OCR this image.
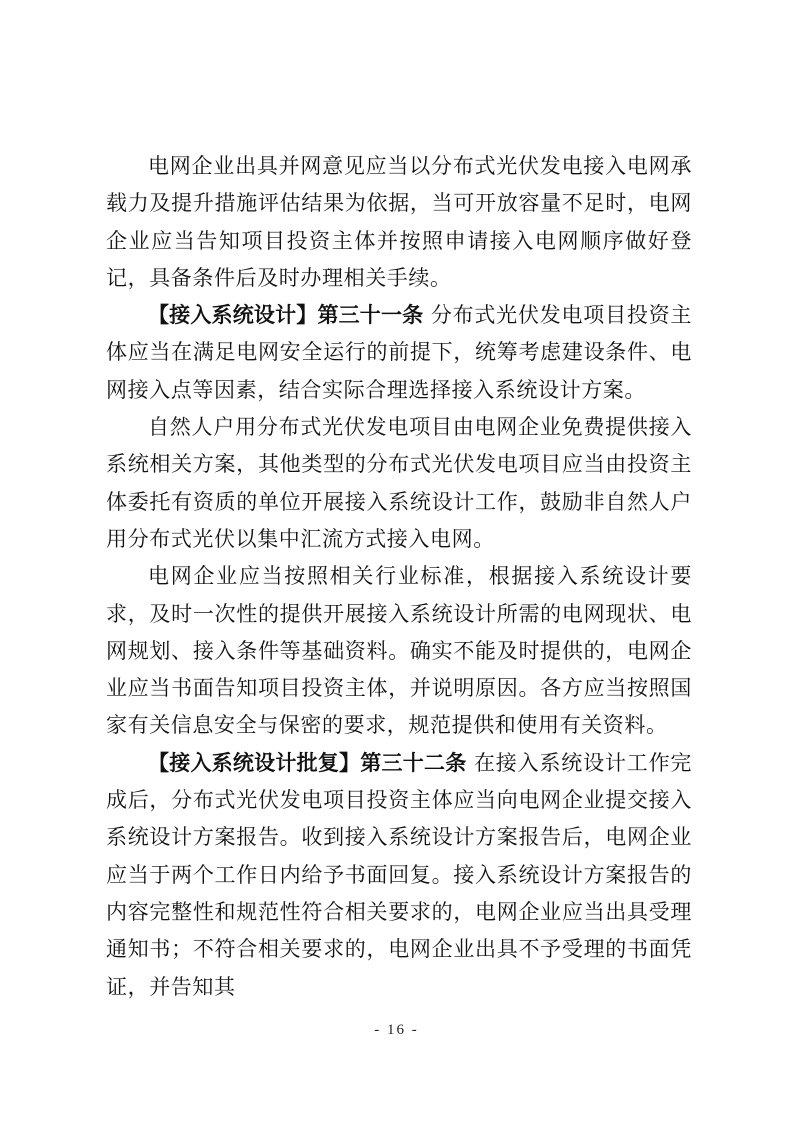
电网企业出具并网意见应当以分布式光伏发电接入电网承载力及提升措施评估结果为依据，当可开放容量不足时，电网企业应当告知项目投资主体并按照申请接入电网顺序做好登记，具备条件后及时办理相关手续。

【接入系统设计】第三十一条 分布式光伏发电项目投资主体应当在满足电网安全运行的前提下，统筹考虑建设条件、电网接入点等因素，结合实际合理选择接入系统设计方案。

自然人户用分布式光伏发电项目由电网企业免费提供接入系统相关方案，其他类型的分布式光伏发电项目应当由投资主体委托有资质的单位开展接入系统设计工作，鼓励非自然人户用分布式光伏以集中汇流方式接入电网。

电网企业应当按照相关行业标准，根据接入系统设计要求，及时一次性的提供开展接入系统设计所需的电网现状、电网规划、接入条件等基础资料。确实不能及时提供的，电网企业应当书面告知项目投资主体，并说明原因。各方应当按照国家有关信息安全与保密的要求，规范提供和使用有关资料。

【接入系统设计批复】第三十二条 在接入系统设计工作完成后，分布式光伏发电项目投资主体应当向电网企业提交接入系统设计方案报告。收到接入系统设计方案报告后，电网企业应当于两个工作日内给予书面回复。接入系统设计方案报告的内容完整性和规范性符合相关要求的，电网企业应当出具受理通知书；不符合相关要求的，电网企业出具不予受理的书面凭证，并告知其

- 16 -
